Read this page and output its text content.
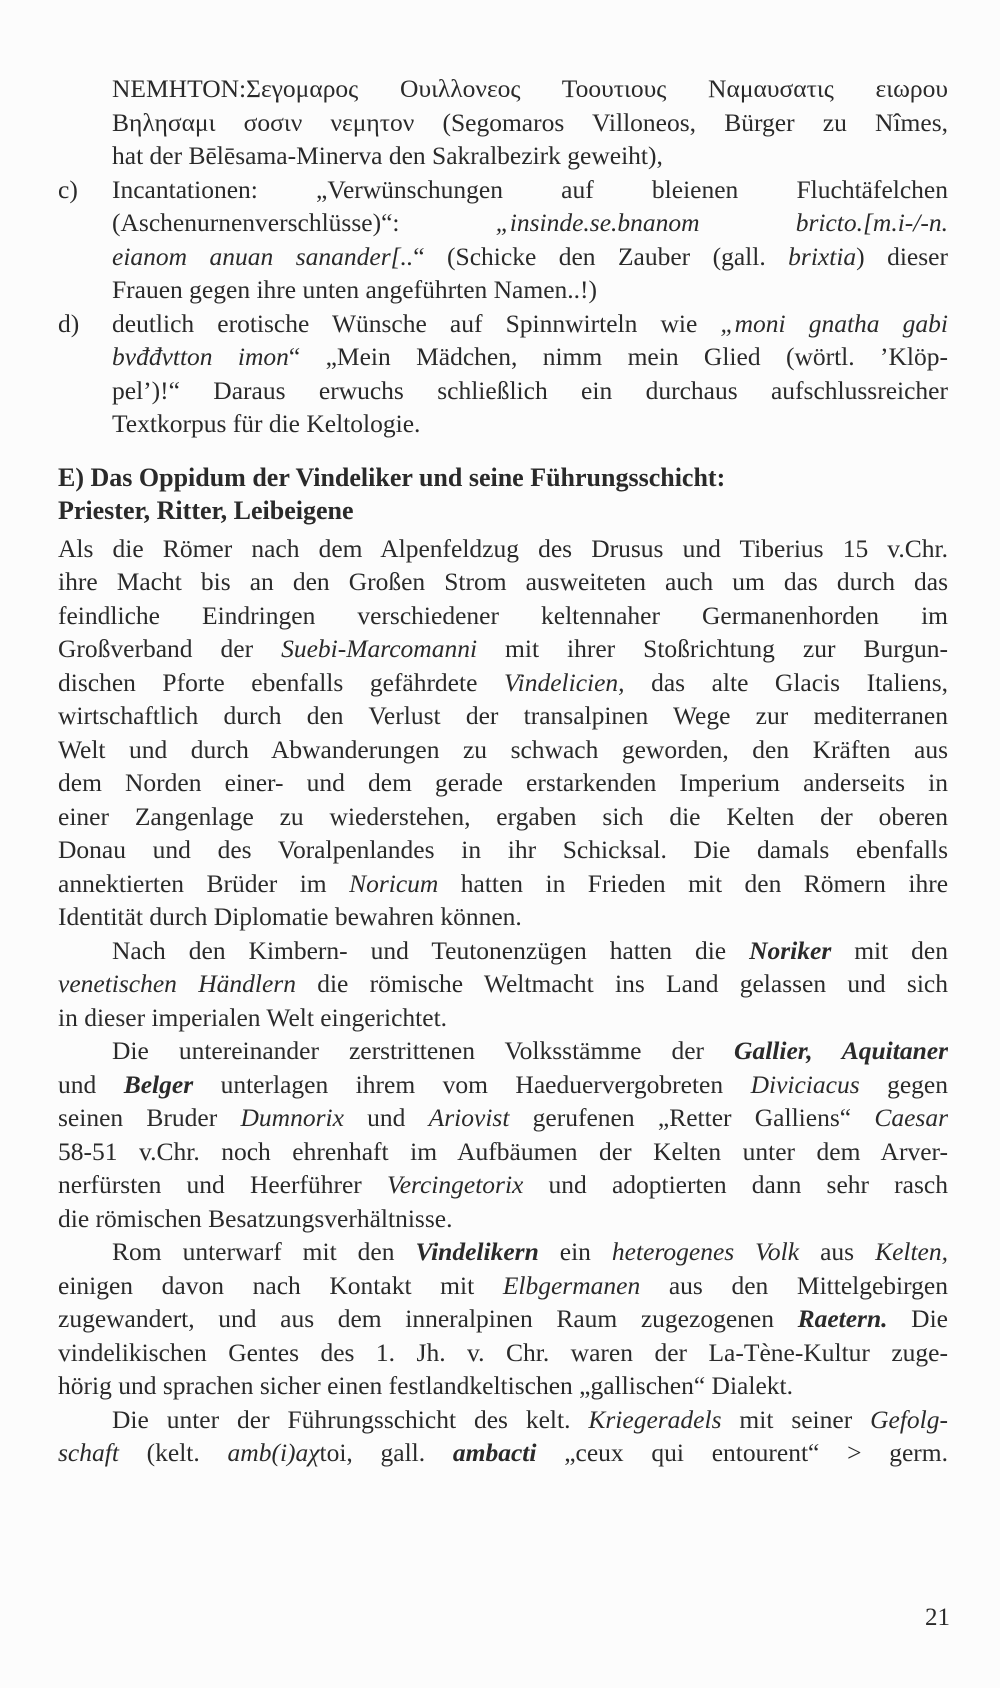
NEMHTON:Σεγομαρος Ουιλλονεος Τοουτιους Ναμαυσατις ειωρου
Βηλησαμι σοσιν νεμητον (Segomaros Villoneos, Bürger zu Nîmes,
hat der Bēlēsama-Minerva den Sakralbezirk geweiht),
c)	Incantationen: „Verwünschungen auf bleienen Fluchtäfelchen
(Aschenurnenverschlüsse)“: „insinde.se.bnanom bricto.[m.i-/-n.
eianom anuan sanander[..“ (Schicke den Zauber (gall. brixtia) dieser
Frauen gegen ihre unten angeführten Namen..!)
d)	deutlich erotische Wünsche auf Spinnwirteln wie „moni gnatha gabi
bvđđvtton imon“ „Mein Mädchen, nimm mein Glied (wörtl. ’Klöp-
pel’)!“ Daraus erwuchs schließlich ein durchaus aufschlussreicher
Textkorpus für die Keltologie.
E) Das Oppidum der Vindeliker und seine Führungsschicht:
Priester, Ritter, Leibeigene
Als die Römer nach dem Alpenfeldzug des Drusus und Tiberius 15 v.Chr.
ihre Macht bis an den Großen Strom ausweiteten auch um das durch das
feindliche Eindringen verschiedener keltennaher Germanenhorden im
Großverband der Suebi-Marcomanni mit ihrer Stoßrichtung zur Burgun-
dischen Pforte ebenfalls gefährdete Vindelicien, das alte Glacis Italiens,
wirtschaftlich durch den Verlust der transalpinen Wege zur mediterranen
Welt und durch Abwanderungen zu schwach geworden, den Kräften aus
dem Norden einer- und dem gerade erstarkenden Imperium anderseits in
einer Zangenlage zu wiederstehen, ergaben sich die Kelten der oberen
Donau und des Voralpenlandes in ihr Schicksal. Die damals ebenfalls
annektierten Brüder im Noricum hatten in Frieden mit den Römern ihre
Identität durch Diplomatie bewahren können.
Nach den Kimbern- und Teutonenzügen hatten die Noriker mit den
venetischen Händlern die römische Weltmacht ins Land gelassen und sich
in dieser imperialen Welt eingerichtet.
Die untereinander zerstrittenen Volksstämme der Gallier, Aquitaner
und Belger unterlagen ihrem vom Haeduervergobreten Diviciacus gegen
seinen Bruder Dumnorix und Ariovist gerufenen „Retter Galliens“ Caesar
58-51 v.Chr. noch ehrenhaft im Aufbäumen der Kelten unter dem Arver-
nerfürsten und Heerführer Vercingetorix und adoptierten dann sehr rasch
die römischen Besatzungsverhältnisse.
Rom unterwarf mit den Vindelikern ein heterogenes Volk aus Kelten,
einigen davon nach Kontakt mit Elbgermanen aus den Mittelgebirgen
zugewandert, und aus dem inneralpinen Raum zugezogenen Raetern. Die
vindelikischen Gentes des 1. Jh. v. Chr. waren der La-Tène-Kultur zuge-
hörig und sprachen sicher einen festlandkeltischen „gallischen“ Dialekt.
Die unter der Führungsschicht des kelt. Kriegeradels mit seiner Gefolg-
schaft (kelt. amb(i)aχtoi, gall. ambacti „ceux qui entourent“ > germ.
21
